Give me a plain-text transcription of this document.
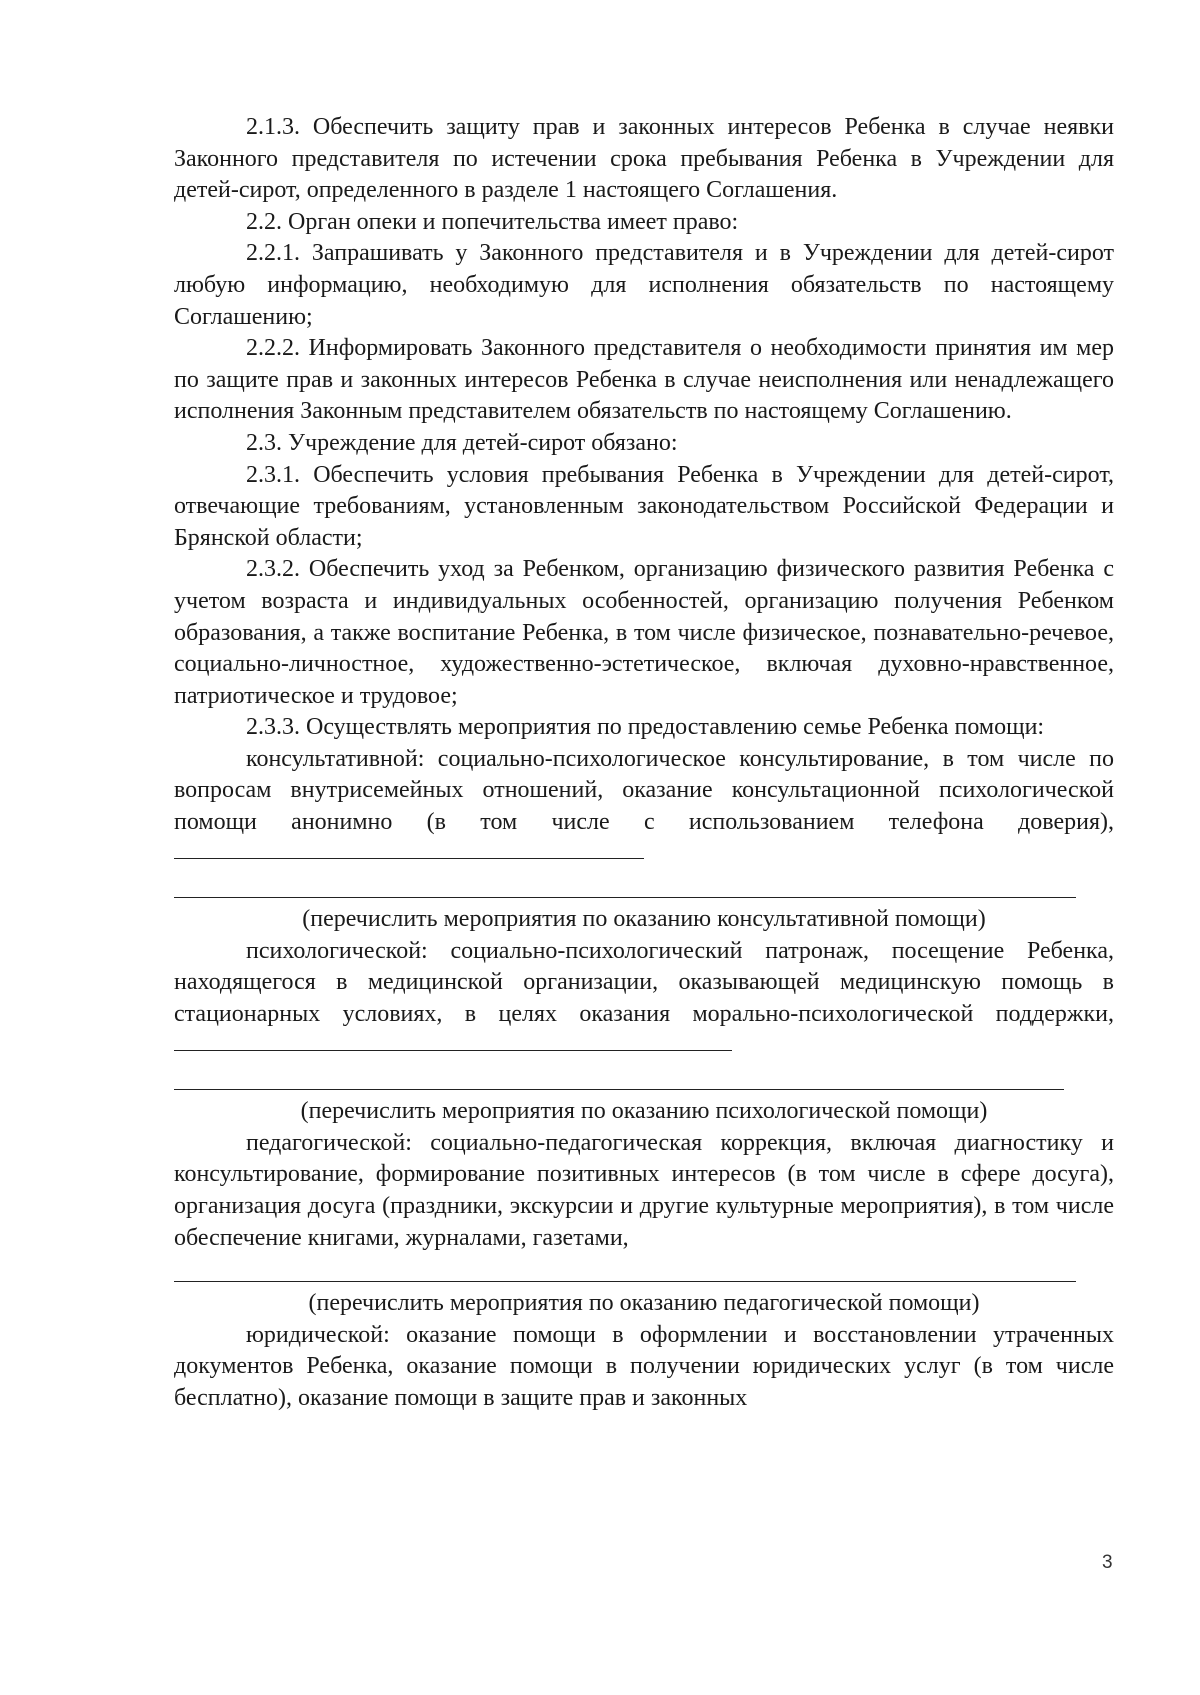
2.1.3. Обеспечить защиту прав и законных интересов Ребенка в случае неявки Законного представителя по истечении срока пребывания Ребенка в Учреждении для детей-сирот, определенного в разделе 1 настоящего Соглашения.

2.2. Орган опеки и попечительства имеет право:

2.2.1. Запрашивать у Законного представителя и в Учреждении для детей-сирот любую информацию, необходимую для исполнения обязательств по настоящему Соглашению;

2.2.2. Информировать Законного представителя о необходимости принятия им мер по защите прав и законных интересов Ребенка в случае неисполнения или ненадлежащего исполнения Законным представителем обязательств по настоящему Соглашению.

2.3. Учреждение для детей-сирот обязано:

2.3.1. Обеспечить условия пребывания Ребенка в Учреждении для детей-сирот, отвечающие требованиям, установленным законодательством Российской Федерации и Брянской области;

2.3.2. Обеспечить уход за Ребенком, организацию физического развития Ребенка с учетом возраста и индивидуальных особенностей, организацию получения Ребенком образования, а также воспитание Ребенка, в том числе физическое, познавательно-речевое, социально-личностное, художественно-эстетическое, включая духовно-нравственное, патриотическое и трудовое;

2.3.3. Осуществлять мероприятия по предоставлению семье Ребенка помощи:

консультативной: социально-психологическое консультирование, в том числе по вопросам внутрисемейных отношений, оказание консультационной психологической помощи анонимно (в том числе с использованием телефона доверия),

(перечислить мероприятия по оказанию консультативной помощи)

психологической: социально-психологический патронаж, посещение Ребенка, находящегося в медицинской организации, оказывающей медицинскую помощь в стационарных условиях, в целях оказания морально-психологической поддержки,

(перечислить мероприятия по оказанию психологической помощи)

педагогической: социально-педагогическая коррекция, включая диагностику и консультирование, формирование позитивных интересов (в том числе в сфере досуга), организация досуга (праздники, экскурсии и другие культурные мероприятия), в том числе обеспечение книгами, журналами, газетами,

(перечислить мероприятия по оказанию педагогической помощи)

юридической: оказание помощи в оформлении и восстановлении утраченных документов Ребенка, оказание помощи в получении юридических услуг (в том числе бесплатно), оказание помощи в защите прав и законных

3
